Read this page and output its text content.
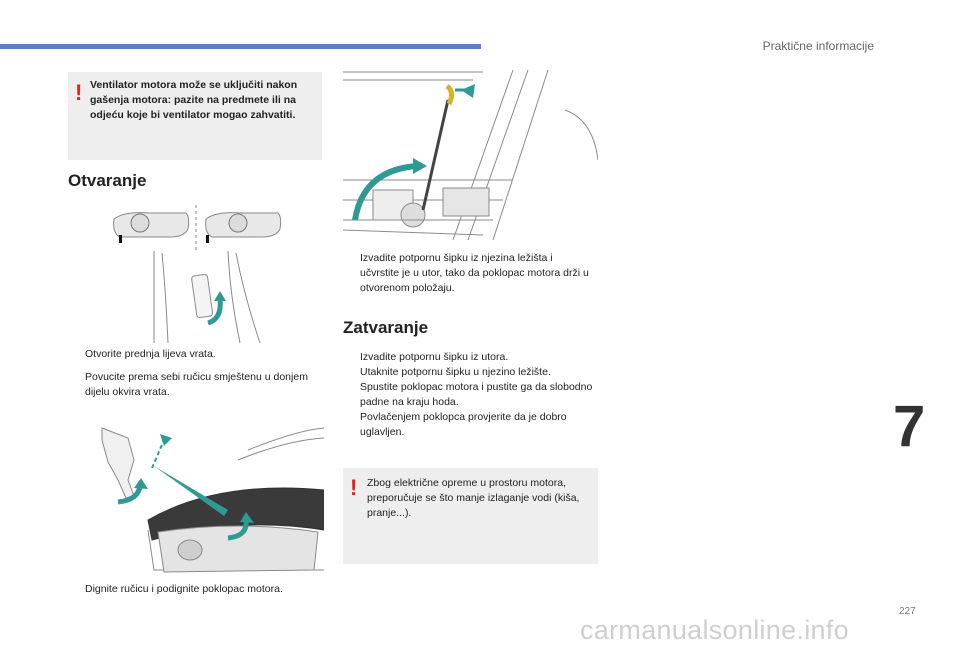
Praktične informacije
! Ventilator motora može se uključiti nakon gašenja motora: pazite na predmete ili na odjeću koje bi ventilator mogao zahvatiti.

Otvaranje
Otvorite prednja lijeva vrata.
Povucite prema sebi ručicu smještenu u donjem dijelu okvira vrata.
Dignite ručicu i podignite poklopac motora.
Izvadite potpornu šipku iz njezina ležišta i učvrstite je u utor, tako da poklopac motora drži u otvorenom položaju.
Zatvaranje
Izvadite potpornu šipku iz utora.
Utaknite potpornu šipku u njezino ležište.
Spustite poklopac motora i pustite ga da slobodno padne na kraju hoda.
Povlačenjem poklopca provjerite da je dobro uglavljen.
! Zbog električne opreme u prostoru motora, preporučuje se što manje izlaganje vodi (kiša, pranje...).

7
227
carmanualsonline.info
